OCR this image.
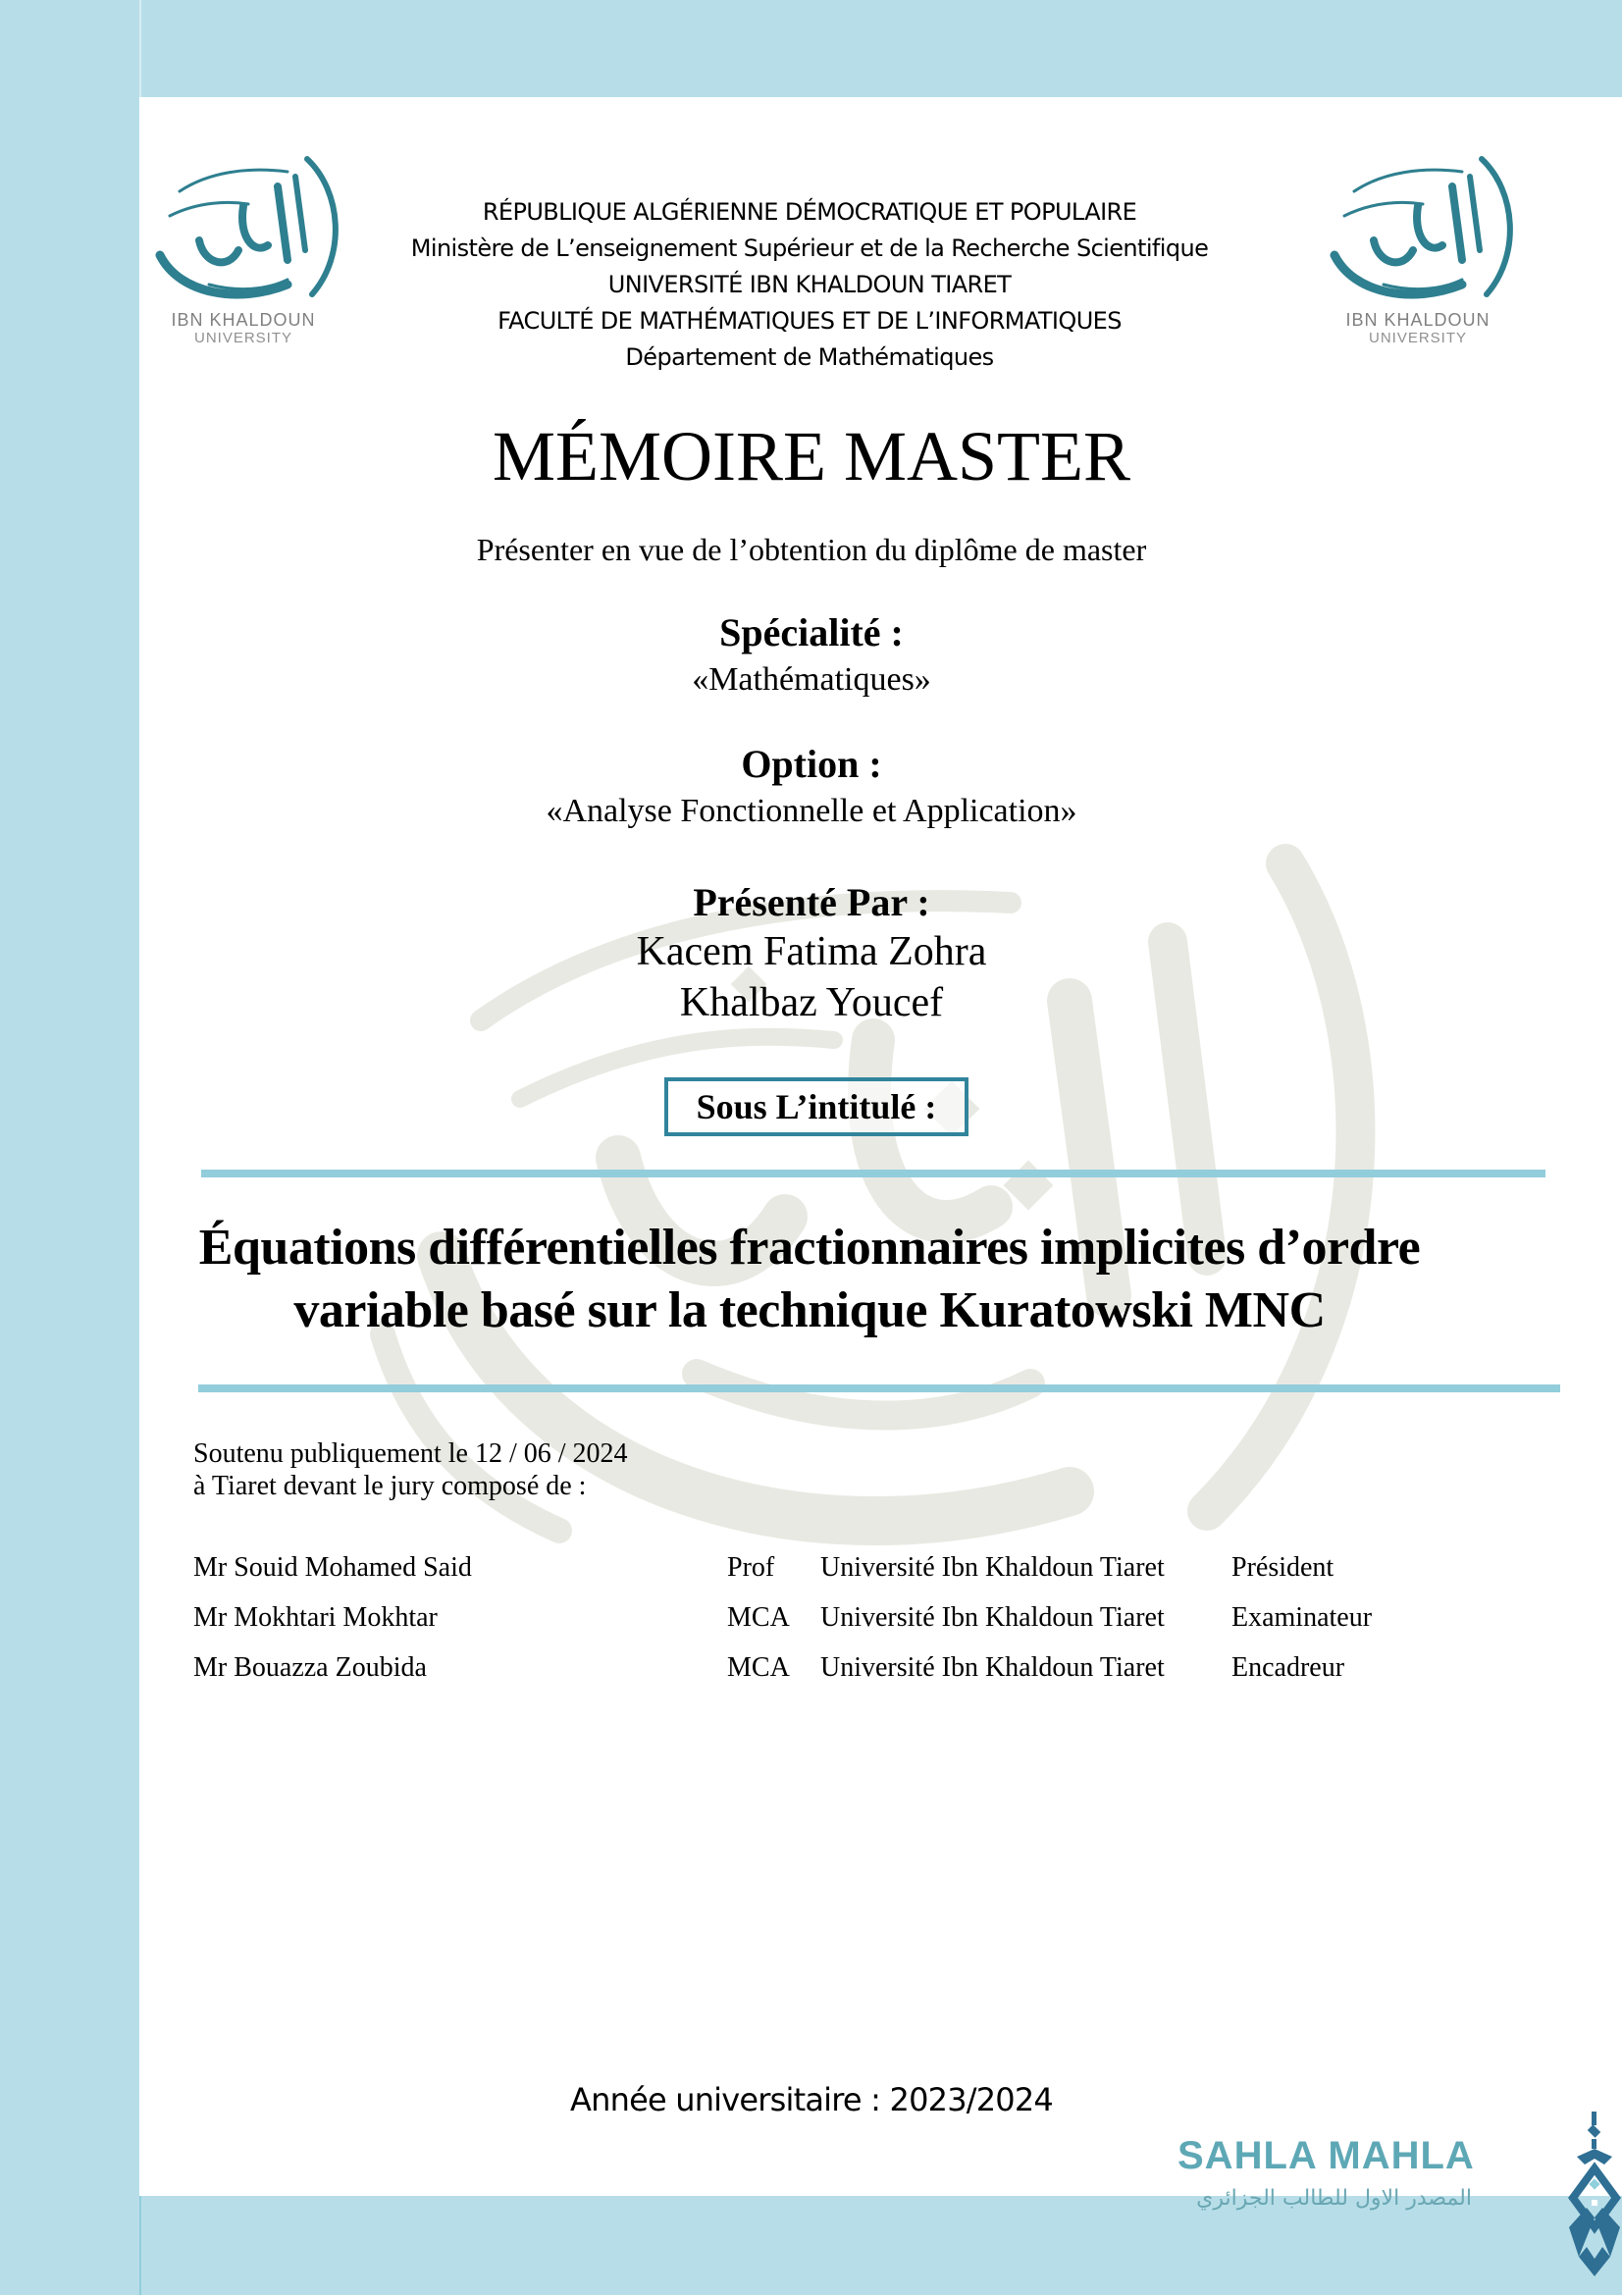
IBN KHALDOUN
UNIVERSITY
IBN KHALDOUN
UNIVERSITY
RÉPUBLIQUE ALGÉRIENNE DÉMOCRATIQUE ET POPULAIRE
Ministère de L’enseignement Supérieur et de la Recherche Scientifique
UNIVERSITÉ IBN KHALDOUN TIARET
FACULTÉ DE MATHÉMATIQUES ET DE L’INFORMATIQUES
Département de Mathématiques
MÉMOIRE MASTER
Présenter en vue de l’obtention du diplôme de master
Spécialité :
«Mathématiques»
Option :
«Analyse Fonctionnelle et Application»
Présenté Par :
Kacem Fatima Zohra
Khalbaz Youcef
Sous L’intitulé :
Équations différentielles fractionnaires implicites d’ordre
variable basé sur la technique Kuratowski MNC
Soutenu publiquement le 12 / 06 / 2024
à Tiaret devant le jury composé de :
Mr Souid Mohamed Said	Prof Université Ibn Khaldoun Tiaret Président
Mr Mokhtari Mokhtar	MCA Université Ibn Khaldoun Tiaret Examinateur
Mr Bouazza Zoubida	MCA Université Ibn Khaldoun Tiaret Encadreur
Année universitaire : 2023/2024
SAHLA MAHLA
المصدر الاول للطالب الجزائري
